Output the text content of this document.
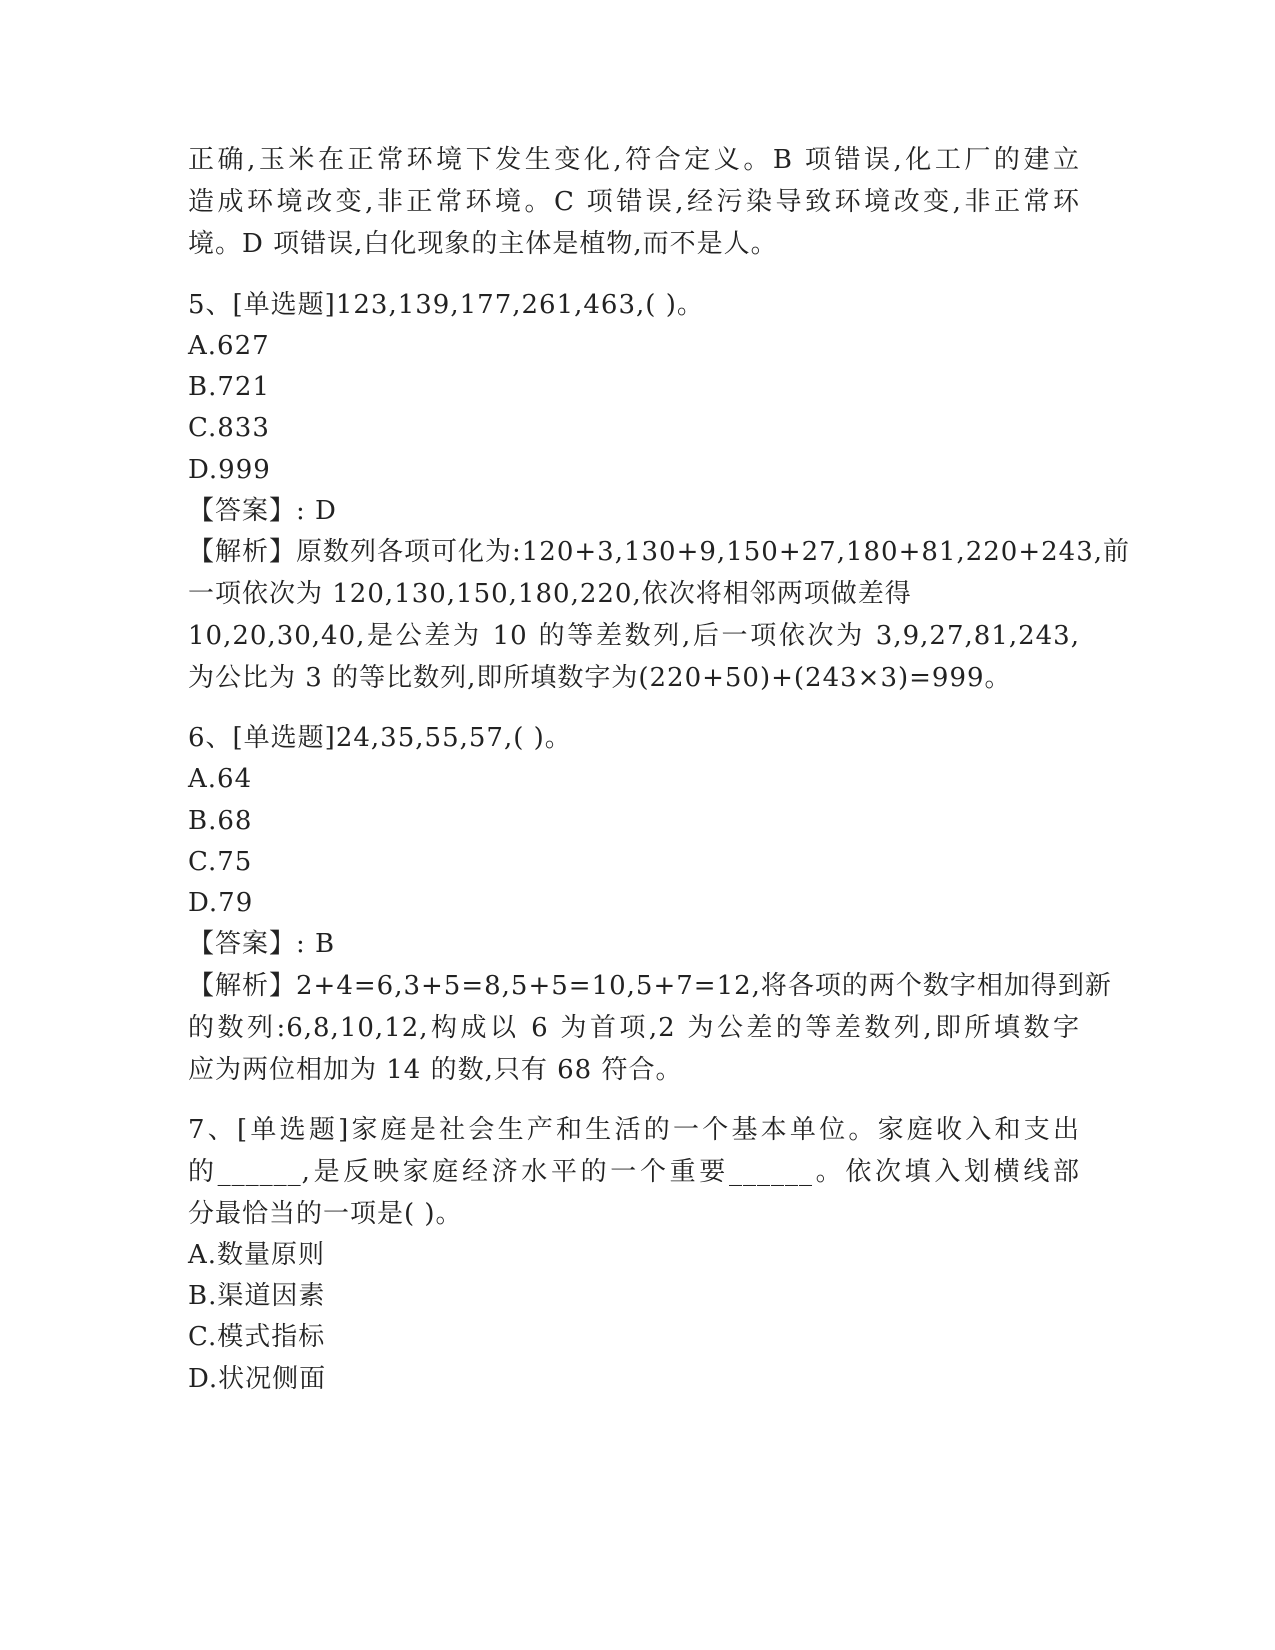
正确,玉米在正常环境下发生变化,符合定义。B 项错误,化工厂的建立
造成环境改变,非正常环境。C 项错误,经污染导致环境改变,非正常环
境。D 项错误,白化现象的主体是植物,而不是人。
5、[单选题]123,139,177,261,463,( )。
A.627
B.721
C.833
D.999
【答案】: D
【解析】原数列各项可化为:120+3,130+9,150+27,180+81,220+243,前
一项依次为 120,130,150,180,220,依次将相邻两项做差得
10,20,30,40,是公差为 10 的等差数列,后一项依次为 3,9,27,81,243,
为公比为 3 的等比数列,即所填数字为(220+50)+(243×3)=999。
6、[单选题]24,35,55,57,( )。
A.64
B.68
C.75
D.79
【答案】: B
【解析】2+4=6,3+5=8,5+5=10,5+7=12,将各项的两个数字相加得到新
的数列:6,8,10,12,构成以 6 为首项,2 为公差的等差数列,即所填数字
应为两位相加为 14 的数,只有 68 符合。
7、[单选题]家庭是社会生产和生活的一个基本单位。家庭收入和支出
的______,是反映家庭经济水平的一个重要______。依次填入划横线部
分最恰当的一项是( )。
A.数量原则
B.渠道因素
C.模式指标
D.状况侧面
